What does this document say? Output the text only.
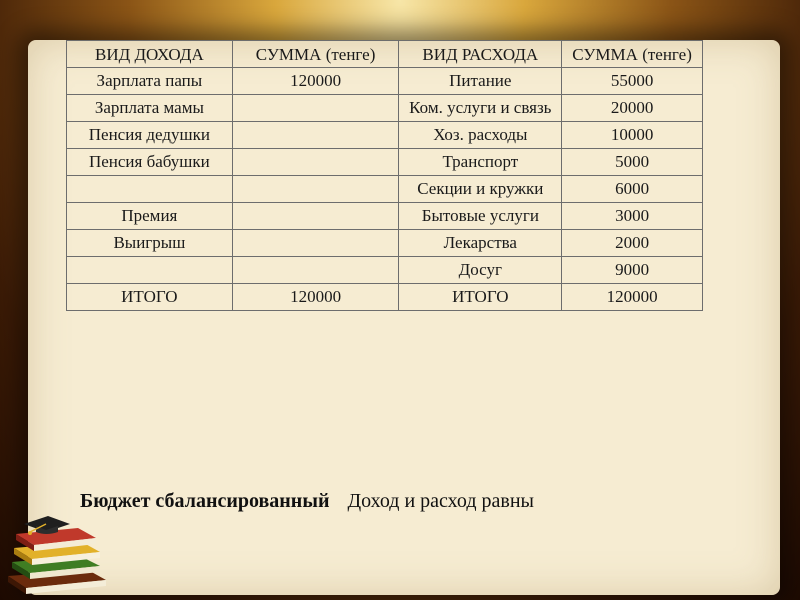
ВИД ДОХОДА	СУММА (тенге)	ВИД РАСХОДА	СУММА (тенге)
Зарплата папы	120000	Питание	55000
Зарплата мамы		Ком. услуги и связь	20000
Пенсия дедушки		Хоз. расходы	10000
Пенсия бабушки		Транспорт	5000
		Секции и кружки	6000
Премия		Бытовые услуги	3000
Выигрыш		Лекарства	2000
		Досуг	9000
ИТОГО	120000	ИТОГО	120000
Бюджет сбалансированный Доход и расход равны
